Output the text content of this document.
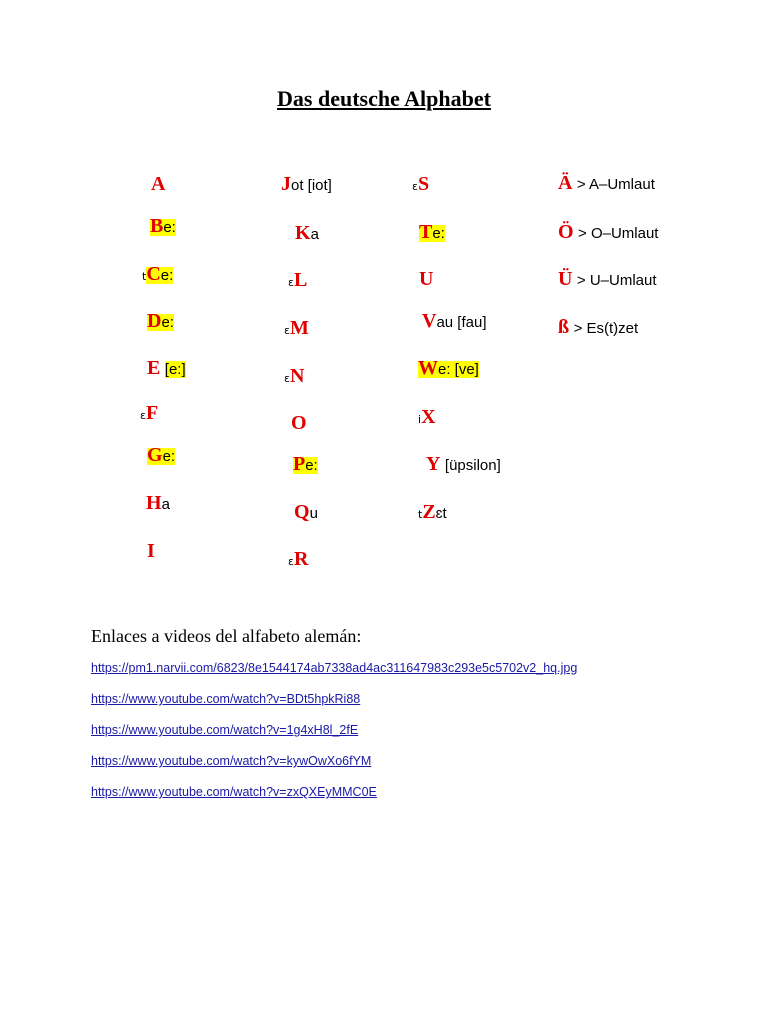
Das deutsche Alphabet
A
Be:
tCe:
De:
E [e:]
ɛF
Ge:
Ha
I
Jot [iot]
Ka
ɛL
ɛM
ɛN
O
Pe:
Qu
ɛR
ɛS
Te:
U
Vau [fau]
We: [ve]
iX
Y [üpsilon]
tZɛt
Ä > A–Umlaut
Ö > O–Umlaut
Ü > U–Umlaut
ß > Es(t)zet
Enlaces a videos del alfabeto alemán:
https://pm1.narvii.com/6823/8e1544174ab7338ad4ac311647983c293e5c5702v2_hq.jpg
https://www.youtube.com/watch?v=BDt5hpkRi88
https://www.youtube.com/watch?v=1g4xH8l_2fE
https://www.youtube.com/watch?v=kywOwXo6fYM
https://www.youtube.com/watch?v=zxQXEyMMC0E
